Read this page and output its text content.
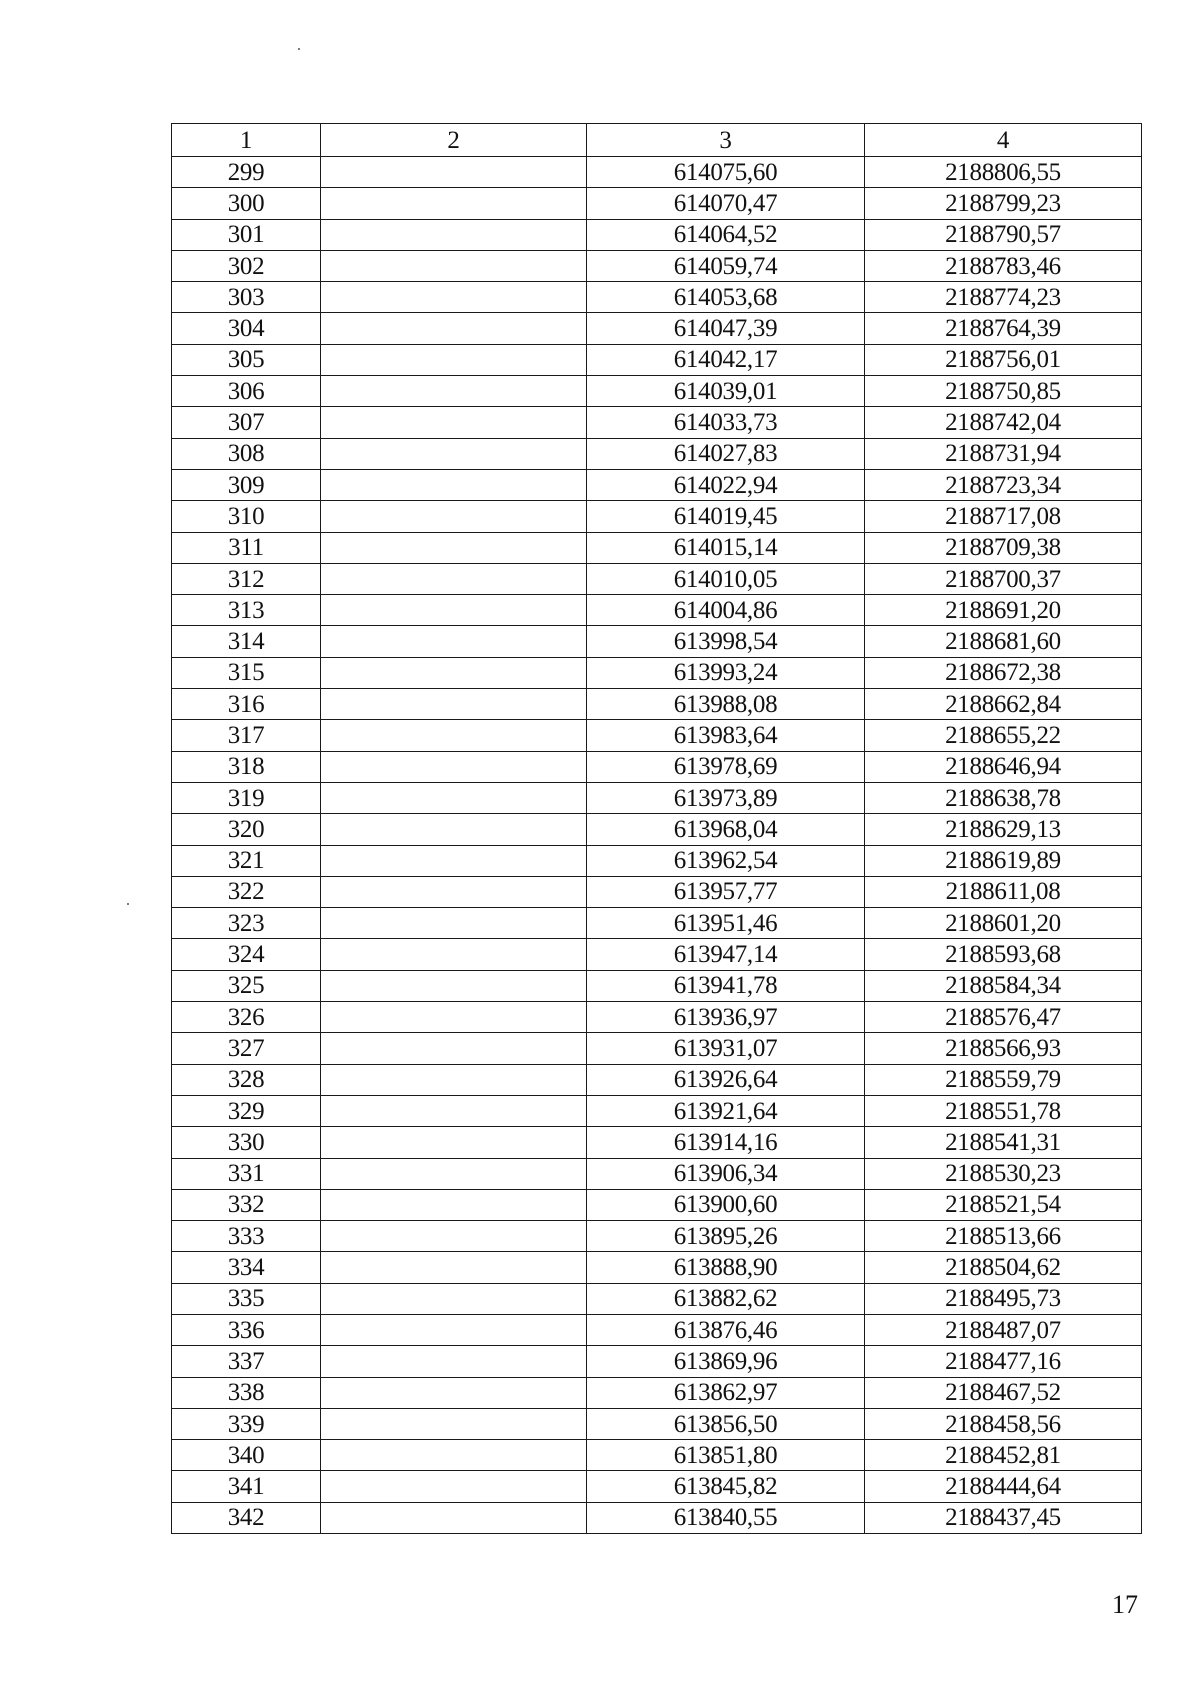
1	2	3	4
299		614075,60	2188806,55
300		614070,47	2188799,23
301		614064,52	2188790,57
302		614059,74	2188783,46
303		614053,68	2188774,23
304		614047,39	2188764,39
305		614042,17	2188756,01
306		614039,01	2188750,85
307		614033,73	2188742,04
308		614027,83	2188731,94
309		614022,94	2188723,34
310		614019,45	2188717,08
311		614015,14	2188709,38
312		614010,05	2188700,37
313		614004,86	2188691,20
314		613998,54	2188681,60
315		613993,24	2188672,38
316		613988,08	2188662,84
317		613983,64	2188655,22
318		613978,69	2188646,94
319		613973,89	2188638,78
320		613968,04	2188629,13
321		613962,54	2188619,89
322		613957,77	2188611,08
323		613951,46	2188601,20
324		613947,14	2188593,68
325		613941,78	2188584,34
326		613936,97	2188576,47
327		613931,07	2188566,93
328		613926,64	2188559,79
329		613921,64	2188551,78
330		613914,16	2188541,31
331		613906,34	2188530,23
332		613900,60	2188521,54
333		613895,26	2188513,66
334		613888,90	2188504,62
335		613882,62	2188495,73
336		613876,46	2188487,07
337		613869,96	2188477,16
338		613862,97	2188467,52
339		613856,50	2188458,56
340		613851,80	2188452,81
341		613845,82	2188444,64
342		613840,55	2188437,45
17
